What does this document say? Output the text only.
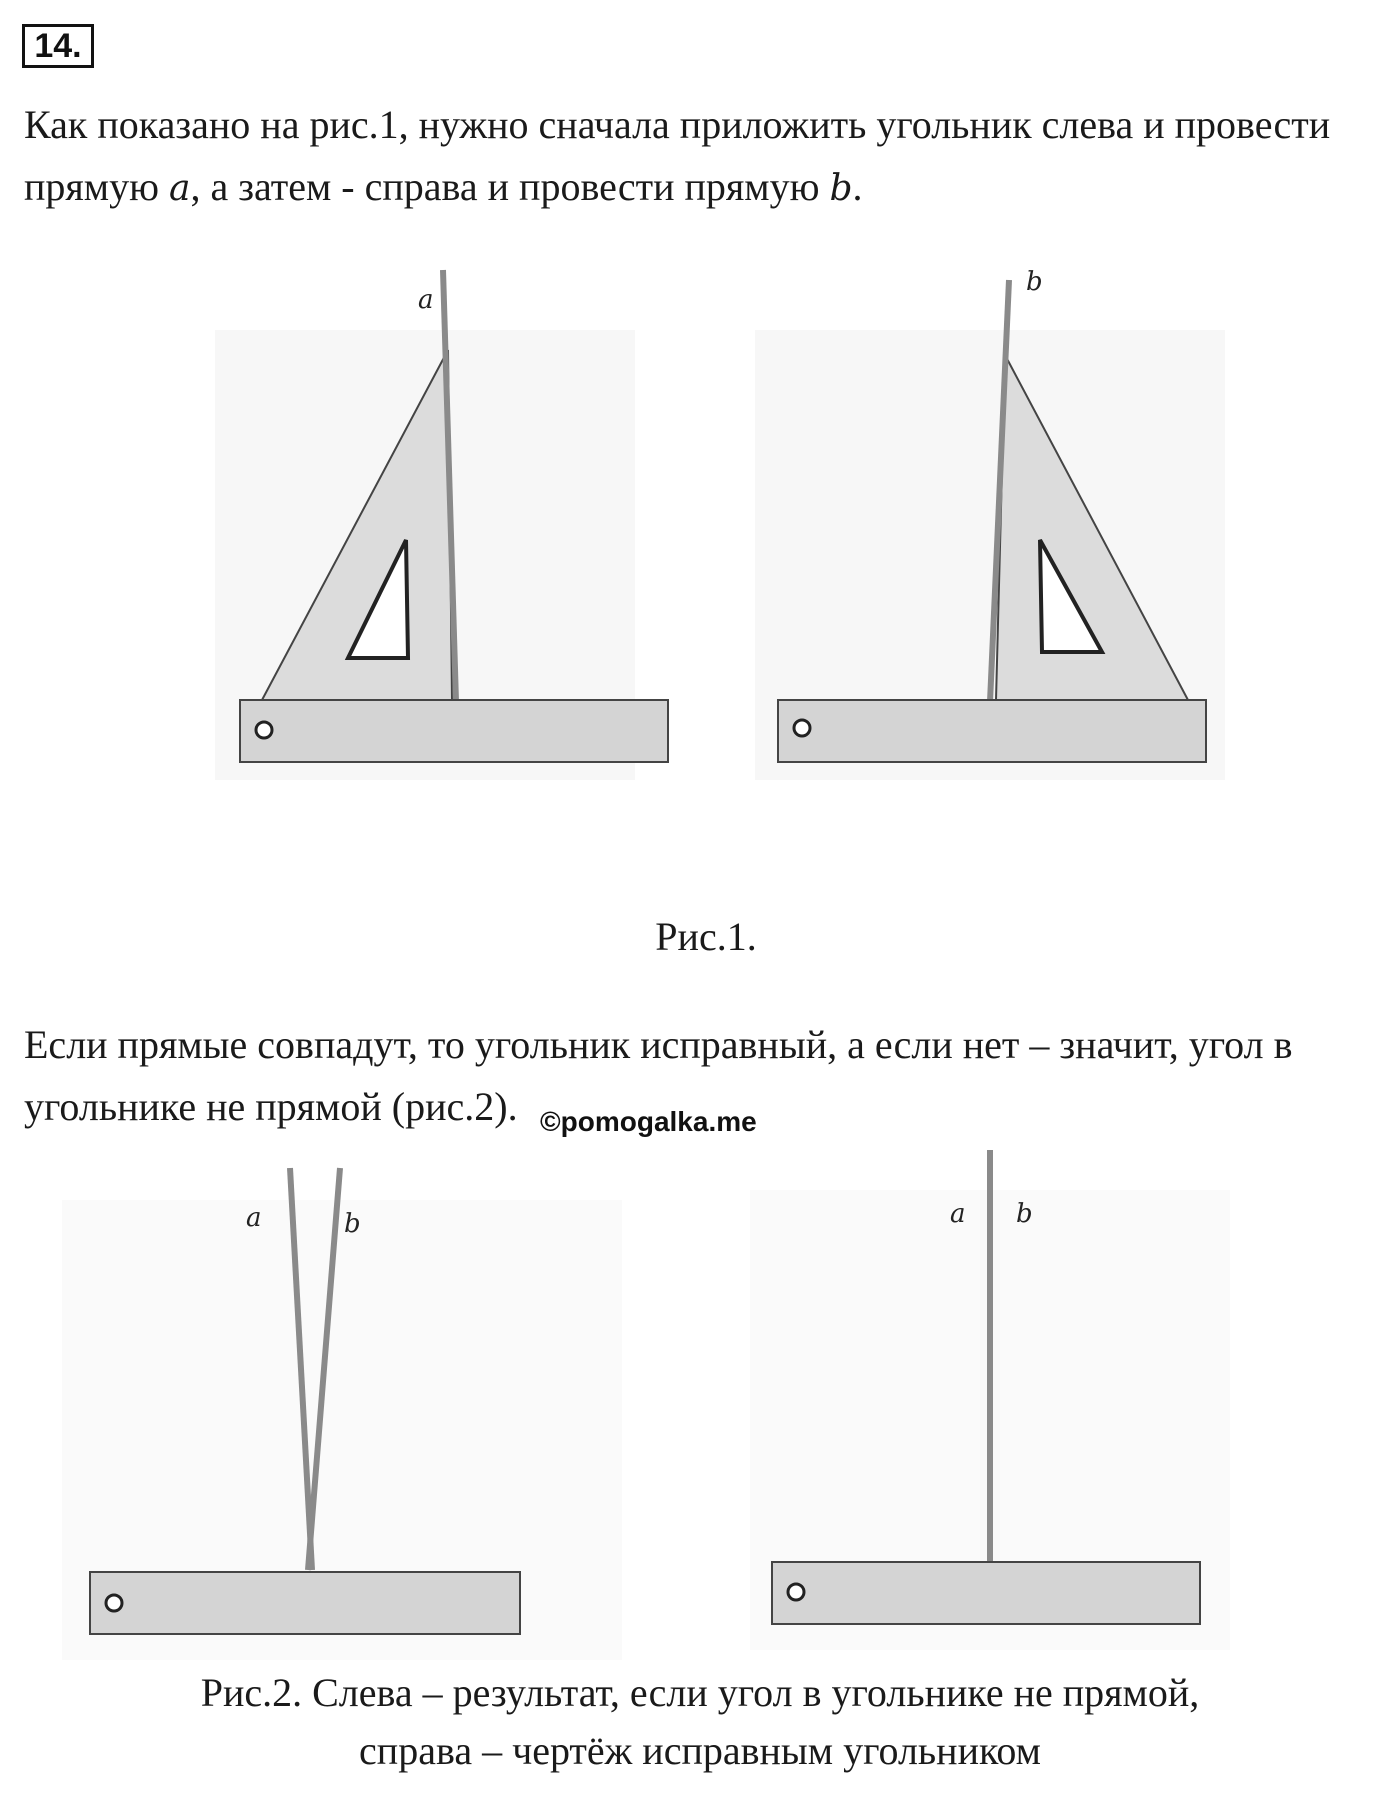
14.

Как показано на рис.1, нужно сначала приложить угольник слева и провести

прямую a, а затем - справа и провести прямую b.

a
b
a	b	a b

Рис.1.

Если прямые совпадут, то угольник исправный, а если нет – значит, угол в

угольнике не прямой (рис.2). ©pomogalka.me

Рис.2. Слева – результат, если угол в угольнике не прямой,

справа – чертёж исправным угольником
